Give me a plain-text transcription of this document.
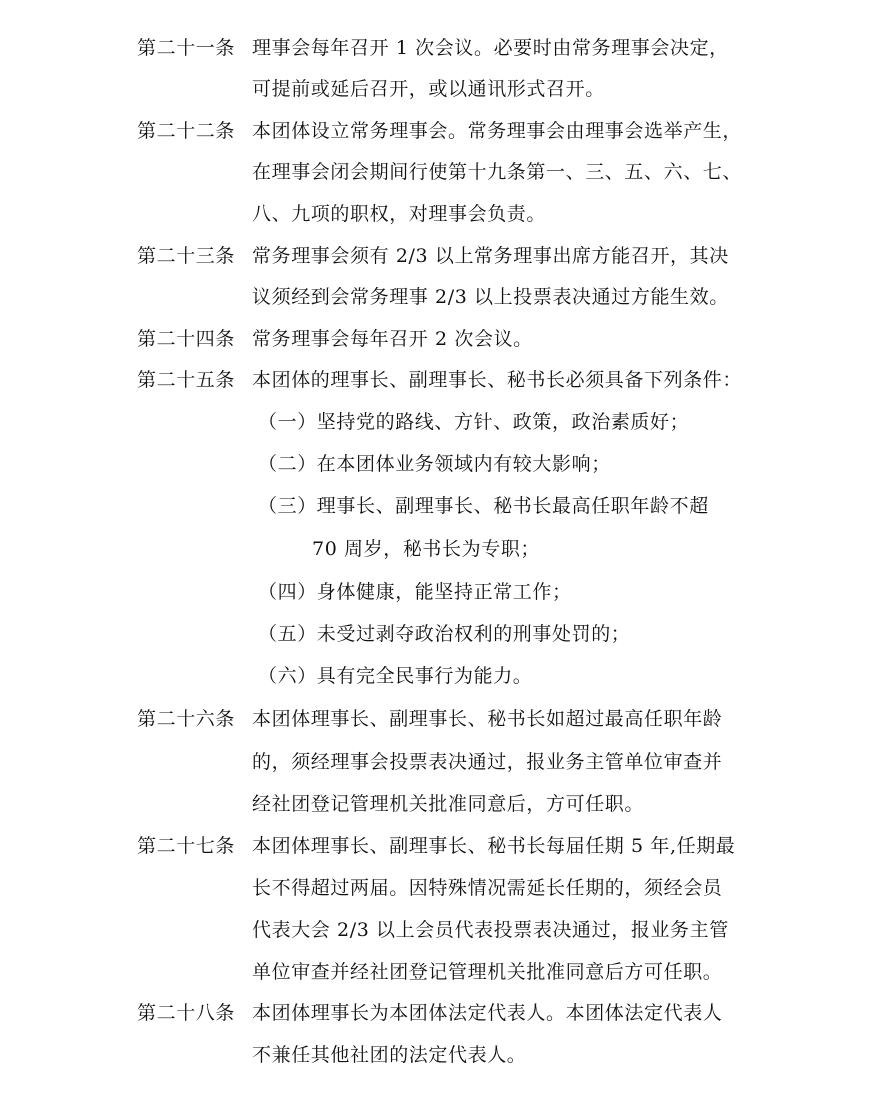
第二十一条 理事会每年召开 1 次会议。必要时由常务理事会决定，
可提前或延后召开，或以通讯形式召开。
第二十二条 本团体设立常务理事会。常务理事会由理事会选举产生，
在理事会闭会期间行使第十九条第一、三、五、六、七、
八、九项的职权，对理事会负责。
第二十三条 常务理事会须有 2/3 以上常务理事出席方能召开，其决
议须经到会常务理事 2/3 以上投票表决通过方能生效。
第二十四条 常务理事会每年召开 2 次会议。
第二十五条 本团体的理事长、副理事长、秘书长必须具备下列条件：
（一）坚持党的路线、方针、政策，政治素质好；
（二）在本团体业务领域内有较大影响；
（三）理事长、副理事长、秘书长最高任职年龄不超
70 周岁，秘书长为专职；
（四）身体健康，能坚持正常工作；
（五）未受过剥夺政治权利的刑事处罚的；
（六）具有完全民事行为能力。
第二十六条 本团体理事长、副理事长、秘书长如超过最高任职年龄
的，须经理事会投票表决通过，报业务主管单位审查并
经社团登记管理机关批准同意后，方可任职。
第二十七条 本团体理事长、副理事长、秘书长每届任期 5 年,任期最
长不得超过两届。因特殊情况需延长任期的，须经会员
代表大会 2/3 以上会员代表投票表决通过，报业务主管
单位审查并经社团登记管理机关批准同意后方可任职。
第二十八条 本团体理事长为本团体法定代表人。本团体法定代表人
不兼任其他社团的法定代表人。
